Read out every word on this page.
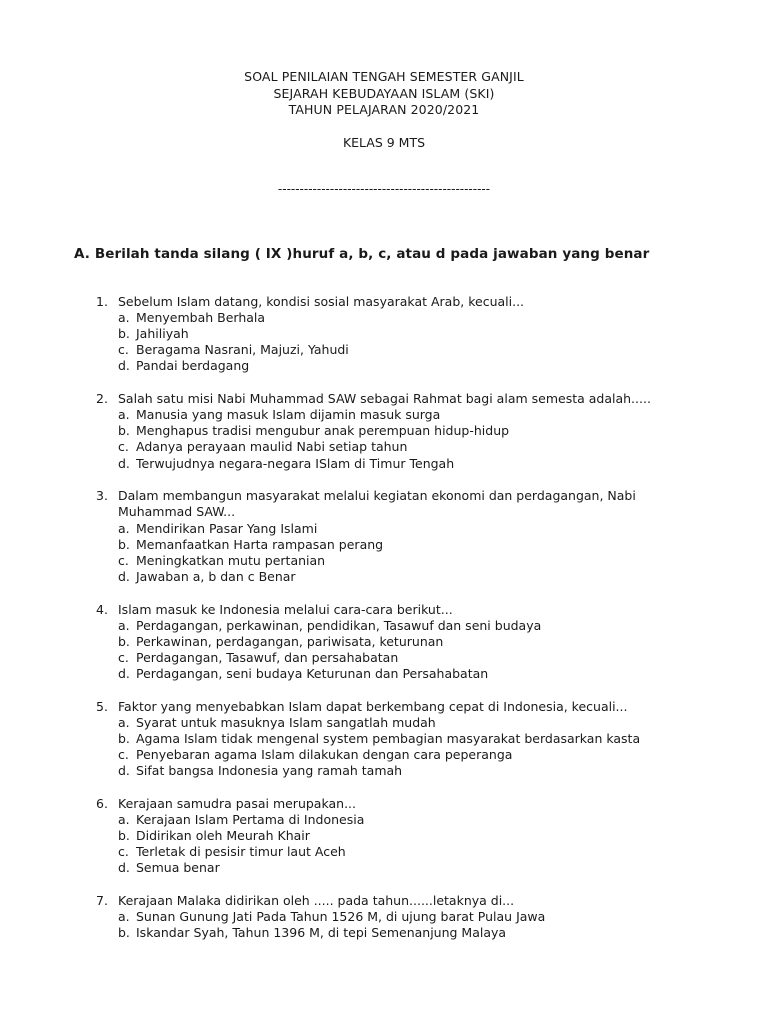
SOAL PENILAIAN TENGAH SEMESTER GANJIL
SEJARAH KEBUDAYAAN ISLAM (SKI)
TAHUN PELAJARAN 2020/2021
KELAS 9 MTS
-------------------------------------------------
A. Berilah tanda silang ( IX )huruf a, b, c, atau d pada jawaban yang benar
1. Sebelum Islam datang, kondisi sosial masyarakat Arab, kecuali...
a. Menyembah Berhala
b. Jahiliyah
c. Beragama Nasrani, Majuzi, Yahudi
d. Pandai berdagang
2. Salah satu misi Nabi Muhammad SAW sebagai Rahmat bagi alam semesta adalah.....
a. Manusia yang masuk Islam dijamin masuk surga
b. Menghapus tradisi mengubur anak perempuan hidup-hidup
c. Adanya perayaan maulid Nabi setiap tahun
d. Terwujudnya negara-negara ISlam di Timur Tengah
3. Dalam membangun masyarakat melalui kegiatan ekonomi dan perdagangan, Nabi
Muhammad SAW...
a. Mendirikan Pasar Yang Islami
b. Memanfaatkan Harta rampasan perang
c. Meningkatkan mutu pertanian
d. Jawaban a, b dan c Benar
4. Islam masuk ke Indonesia melalui cara-cara berikut...
a. Perdagangan, perkawinan, pendidikan, Tasawuf dan seni budaya
b. Perkawinan, perdagangan, pariwisata, keturunan
c. Perdagangan, Tasawuf, dan persahabatan
d. Perdagangan, seni budaya Keturunan dan Persahabatan
5. Faktor yang menyebabkan Islam dapat berkembang cepat di Indonesia, kecuali...
a. Syarat untuk masuknya Islam sangatlah mudah
b. Agama Islam tidak mengenal system pembagian masyarakat berdasarkan kasta
c. Penyebaran agama Islam dilakukan dengan cara peperanga
d. Sifat bangsa Indonesia yang ramah tamah
6. Kerajaan samudra pasai merupakan...
a. Kerajaan Islam Pertama di Indonesia
b. Didirikan oleh Meurah Khair
c. Terletak di pesisir timur laut Aceh
d. Semua benar
7. Kerajaan Malaka didirikan oleh ..... pada tahun......letaknya di...
a. Sunan Gunung Jati Pada Tahun 1526 M, di ujung barat Pulau Jawa
b. Iskandar Syah, Tahun 1396 M, di tepi Semenanjung Malaya
